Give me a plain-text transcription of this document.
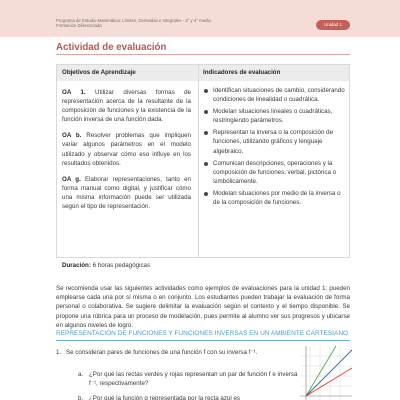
Programa de Estudio Matemática: Límites, Derivadas e Integrales - 3° y 4° medio
Formación Diferenciada	Unidad 1
Actividad de evaluación
Objetivos de Aprendizaje	Indicadores de evaluación

OA 1. Utilizar diversas formas de representación acerca de la resultante de la composición de funciones y la existencia de la función inversa de una función dada.

OA b. Resolver problemas que impliquen variar algunos parámetros en el modelo utilizado y observar cómo eso influye en los resultados obtenidos.

OA g. Elaborar representaciones, tanto en forma manual como digital, y justificar cómo una misma información puede ser utilizada según el tipo de representación.

Identifican situaciones de cambio, considerando condiciones de linealidad o cuadrática.
Modelan situaciones lineales o cuadráticas, restringiendo parámetros.
Representan la inversa o la composición de funciones, utilizando gráficos y lenguaje algebraico.
Comunican descripciones, operaciones y la composición de funciones, verbal, pictórica o simbólicamente.
Modelan situaciones por medio de la inversa o de la composición de funciones.
Duración: 6 horas pedagógicas
Se recomienda usar las siguientes actividades como ejemplos de evaluaciones para la unidad 1; pueden emplearse cada una por sí misma o en conjunto. Los estudiantes pueden trabajar la evaluación de forma personal o colaborativa. Se sugiere delimitar la evaluación según el contexto y el tiempo disponible. Se propone una rúbrica para un proceso de modelación, pues permite al alumno ver sus progresos y ubicarse en algunos niveles de logro.
REPRESENTACIÓN DE FUNCIONES Y FUNCIONES INVERSAS EN UN AMBIENTE CARTESIANO
1. Se consideran pares de funciones de una función f con su inversa f⁻¹.
a. ¿Por qué las rectas verdes y rojas representan un par de función f e inversa f⁻¹, respectivamente?
b. ¿Por qué la función g representada por la recta azul es
